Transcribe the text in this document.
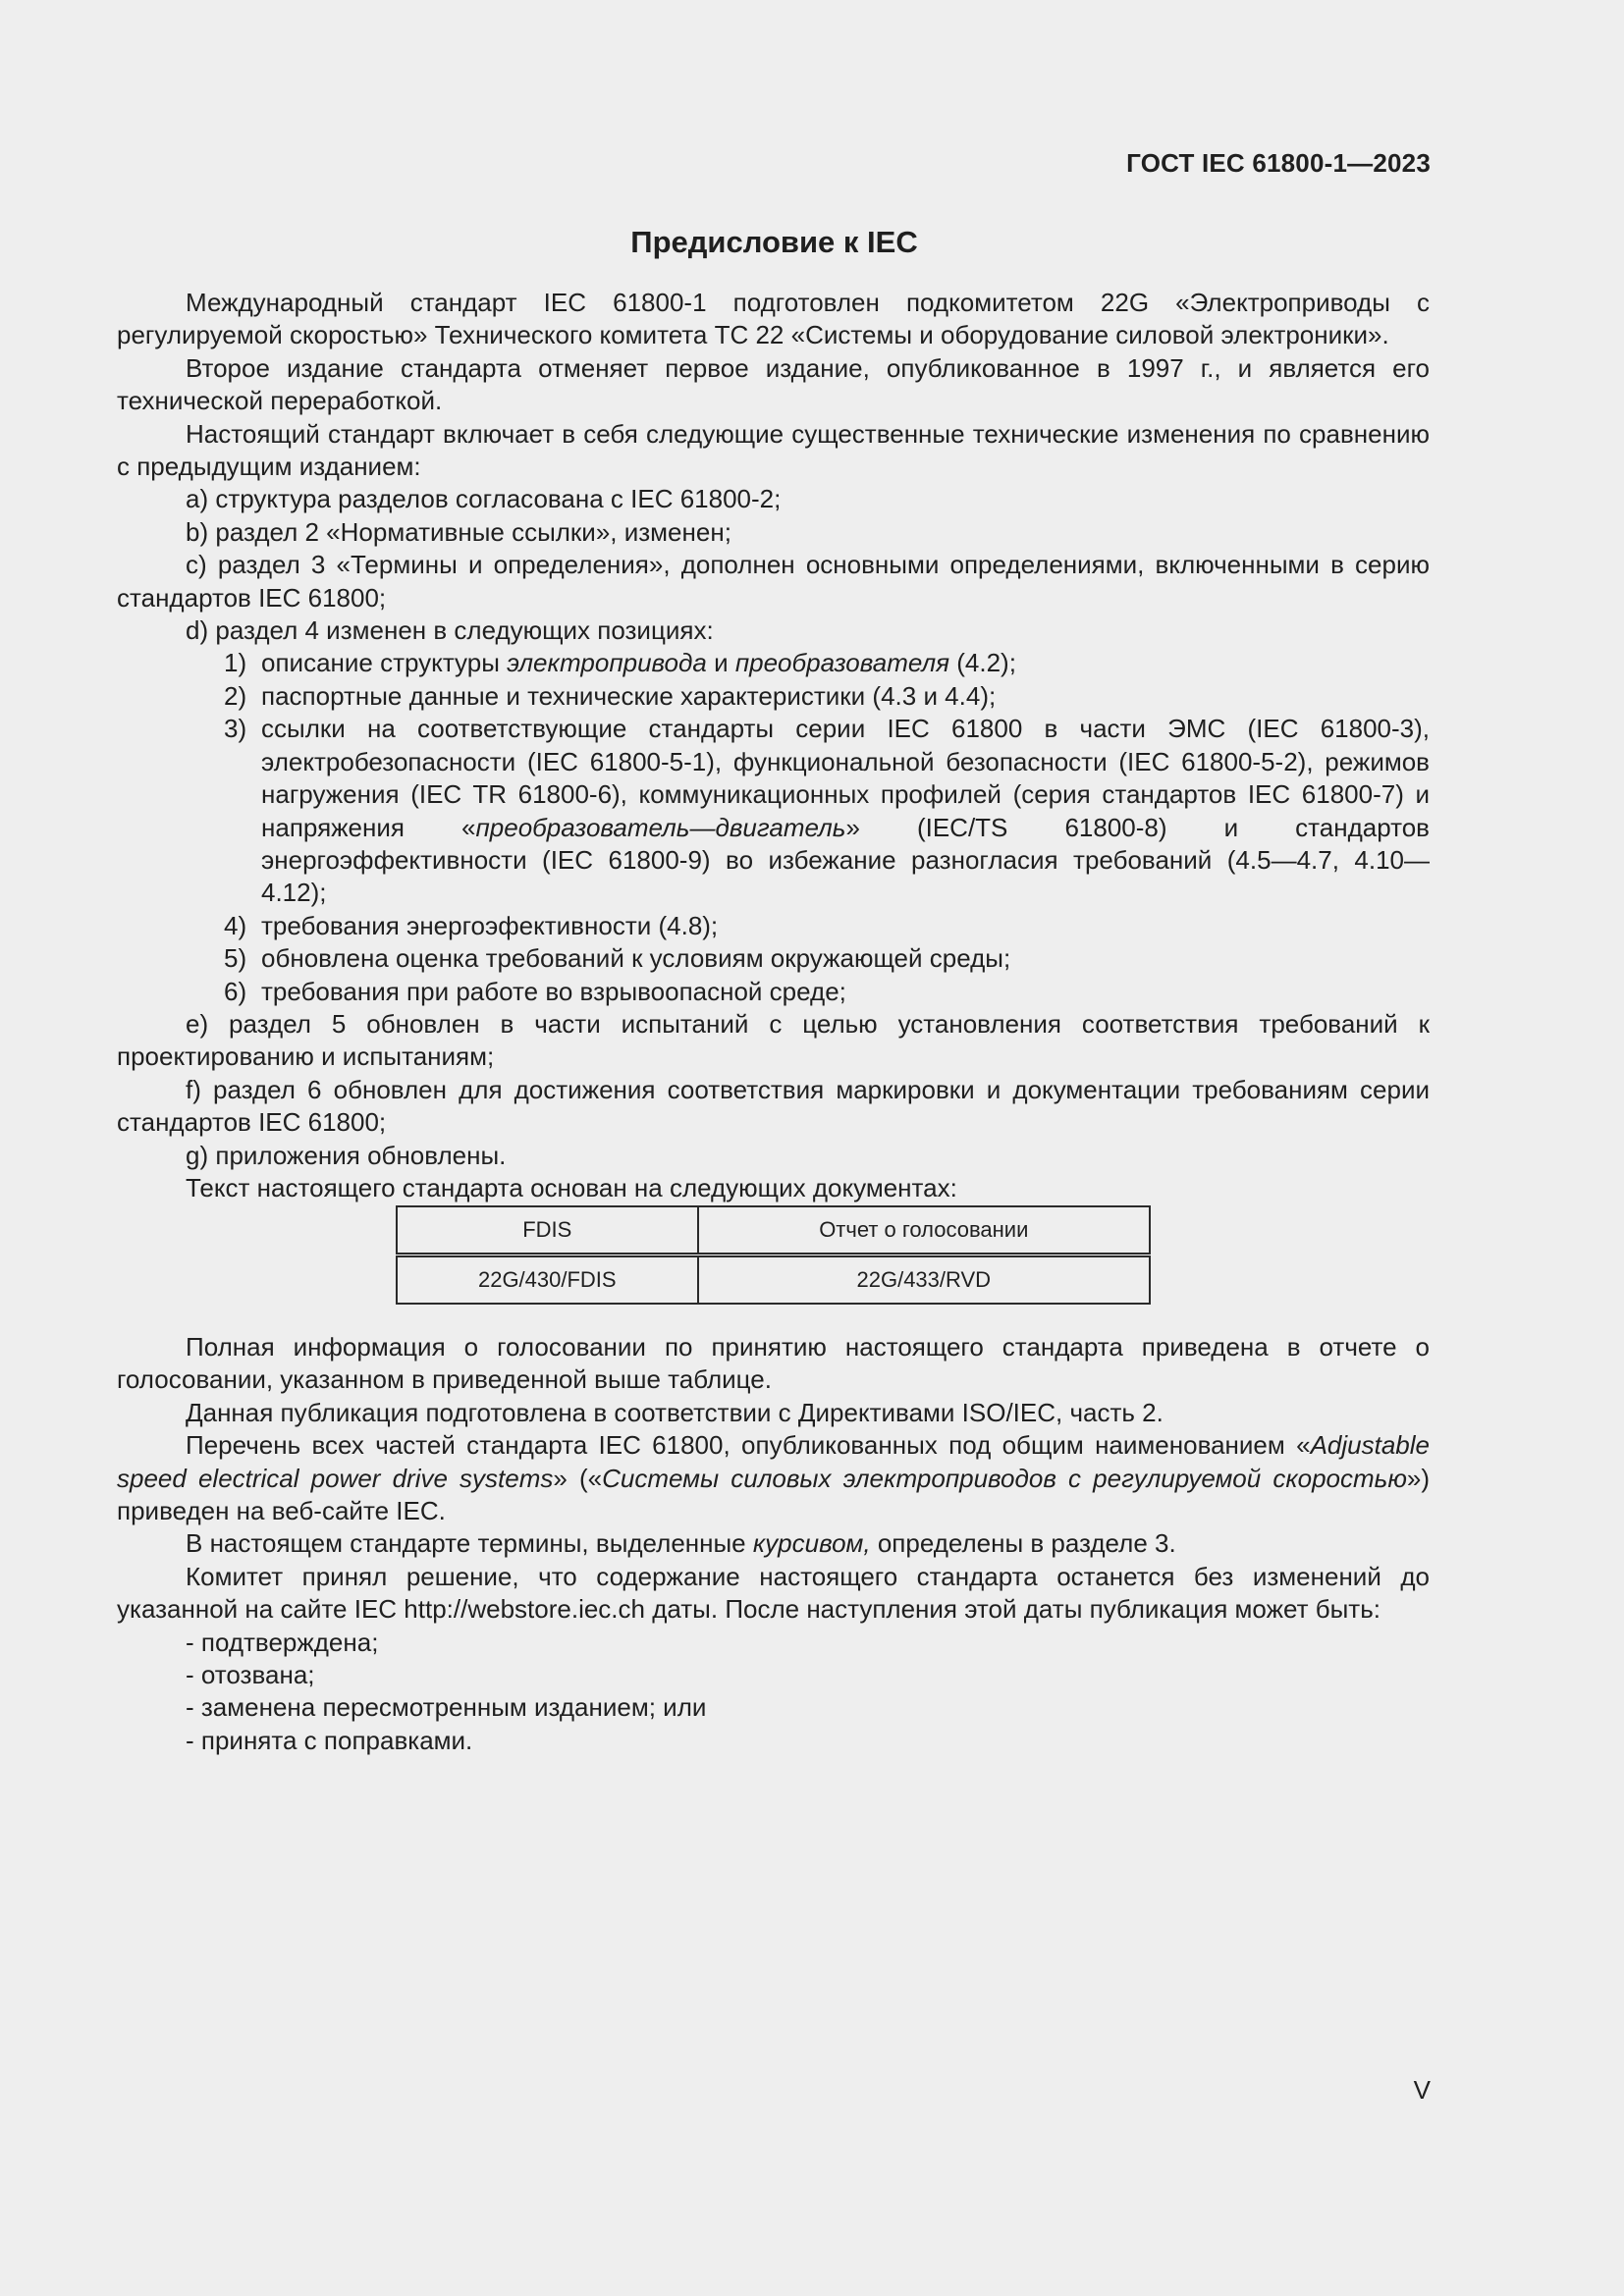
ГОСТ IEC 61800-1—2023
Предисловие к IEC

Международный стандарт IEC 61800-1 подготовлен подкомитетом 22G «Электроприводы с регулируемой скоростью» Технического комитета ТС 22 «Системы и оборудование силовой электроники».

Второе издание стандарта отменяет первое издание, опубликованное в 1997 г., и является его технической переработкой.

Настоящий стандарт включает в себя следующие существенные технические изменения по сравнению с предыдущим изданием:

a) структура разделов согласована с IEC 61800-2;

b) раздел 2 «Нормативные ссылки», изменен;

c) раздел 3 «Термины и определения», дополнен основными определениями, включенными в серию стандартов IEC 61800;

d) раздел 4 изменен в следующих позициях:

1) описание структуры электропривода и преобразователя (4.2);

2) паспортные данные и технические характеристики (4.3 и 4.4);

3) ссылки на соответствующие стандарты серии IEC 61800 в части ЭМС (IEC 61800-3), электробезопасности (IEC 61800-5-1), функциональной безопасности (IEC 61800-5-2), режимов нагружения (IEC TR 61800-6), коммуникационных профилей (серия стандартов IEC 61800-7) и напряжения «преобразователь—двигатель» (IEC/TS 61800-8) и стандартов энергоэффективности (IEC 61800-9) во избежание разногласия требований (4.5—4.7, 4.10—4.12);

4) требования энергоэфективности (4.8);

5) обновлена оценка требований к условиям окружающей среды;

6) требования при работе во взрывоопасной среде;

e) раздел 5 обновлен в части испытаний с целью установления соответствия требований к проектированию и испытаниям;

f) раздел 6 обновлен для достижения соответствия маркировки и документации требованиям серии стандартов IEC 61800;

g) приложения обновлены.

Текст настоящего стандарта основан на следующих документах:

FDIS	Отчет о голосовании
22G/430/FDIS	22G/433/RVD

Полная информация о голосовании по принятию настоящего стандарта приведена в отчете о голосовании, указанном в приведенной выше таблице.

Данная публикация подготовлена в соответствии с Директивами ISO/IEC, часть 2.

Перечень всех частей стандарта IEC 61800, опубликованных под общим наименованием «Adjustable speed electrical power drive systems» («Системы силовых электроприводов с регулируемой скоростью») приведен на веб-сайте IEC.

В настоящем стандарте термины, выделенные курсивом, определены в разделе 3.

Комитет принял решение, что содержание настоящего стандарта останется без изменений до указанной на сайте IEC http://webstore.iec.ch даты. После наступления этой даты публикация может быть:

- подтверждена;

- отозвана;

- заменена пересмотренным изданием; или

- принята с поправками.

V
